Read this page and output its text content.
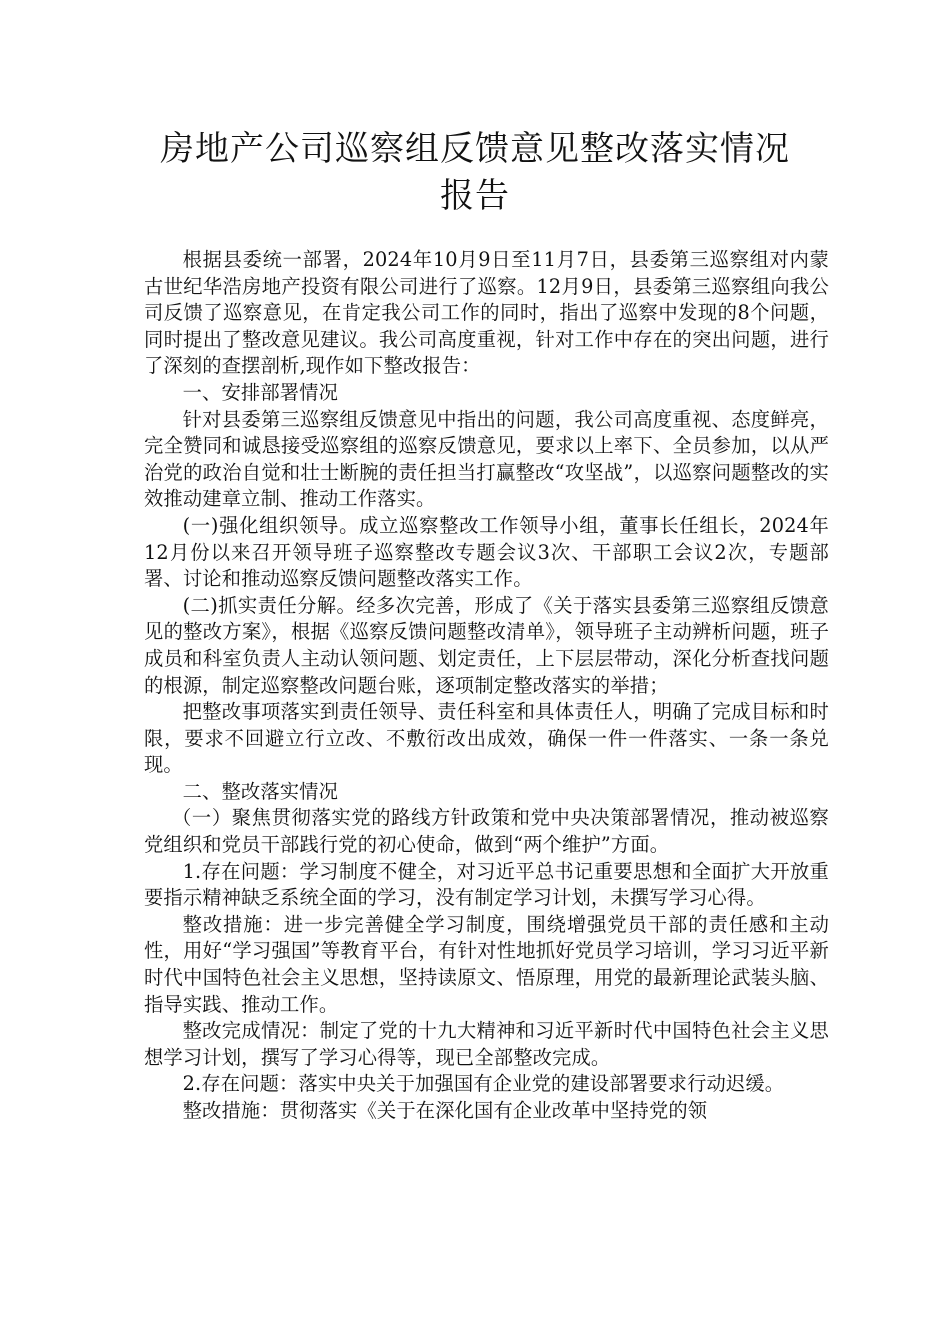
房地产公司巡察组反馈意见整改落实情况
报告

根据县委统一部署，2024年10月9日至11月7日，县委第三巡察组对内蒙古世纪华浩房地产投资有限公司进行了巡察。12月9日，县委第三巡察组向我公司反馈了巡察意见，在肯定我公司工作的同时，指出了巡察中发现的8个问题，同时提出了整改意见建议。我公司高度重视，针对工作中存在的突出问题，进行了深刻的查摆剖析,现作如下整改报告：

一、安排部署情况

针对县委第三巡察组反馈意见中指出的问题，我公司高度重视、态度鲜亮，完全赞同和诚恳接受巡察组的巡察反馈意见，要求以上率下、全员参加，以从严治党的政治自觉和壮士断腕的责任担当打赢整改“攻坚战”，以巡察问题整改的实效推动建章立制、推动工作落实。

(一)强化组织领导。成立巡察整改工作领导小组，董事长任组长，2024年12月份以来召开领导班子巡察整改专题会议3次、干部职工会议2次，专题部署、讨论和推动巡察反馈问题整改落实工作。

(二)抓实责任分解。经多次完善，形成了《关于落实县委第三巡察组反馈意见的整改方案》，根据《巡察反馈问题整改清单》，领导班子主动辨析问题，班子成员和科室负责人主动认领问题、划定责任，上下层层带动，深化分析查找问题的根源，制定巡察整改问题台账，逐项制定整改落实的举措；

把整改事项落实到责任领导、责任科室和具体责任人，明确了完成目标和时限，要求不回避立行立改、不敷衍改出成效，确保一件一件落实、一条一条兑现。

二、整改落实情况

（一）聚焦贯彻落实党的路线方针政策和党中央决策部署情况，推动被巡察党组织和党员干部践行党的初心使命，做到“两个维护”方面。

1.存在问题：学习制度不健全，对习近平总书记重要思想和全面扩大开放重要指示精神缺乏系统全面的学习，没有制定学习计划，未撰写学习心得。

整改措施：进一步完善健全学习制度，围绕增强党员干部的责任感和主动性，用好“学习强国”等教育平台，有针对性地抓好党员学习培训，学习习近平新时代中国特色社会主义思想，坚持读原文、悟原理，用党的最新理论武装头脑、指导实践、推动工作。

整改完成情况：制定了党的十九大精神和习近平新时代中国特色社会主义思想学习计划，撰写了学习心得等，现已全部整改完成。

2.存在问题：落实中央关于加强国有企业党的建设部署要求行动迟缓。

整改措施：贯彻落实《关于在深化国有企业改革中坚持党的领
